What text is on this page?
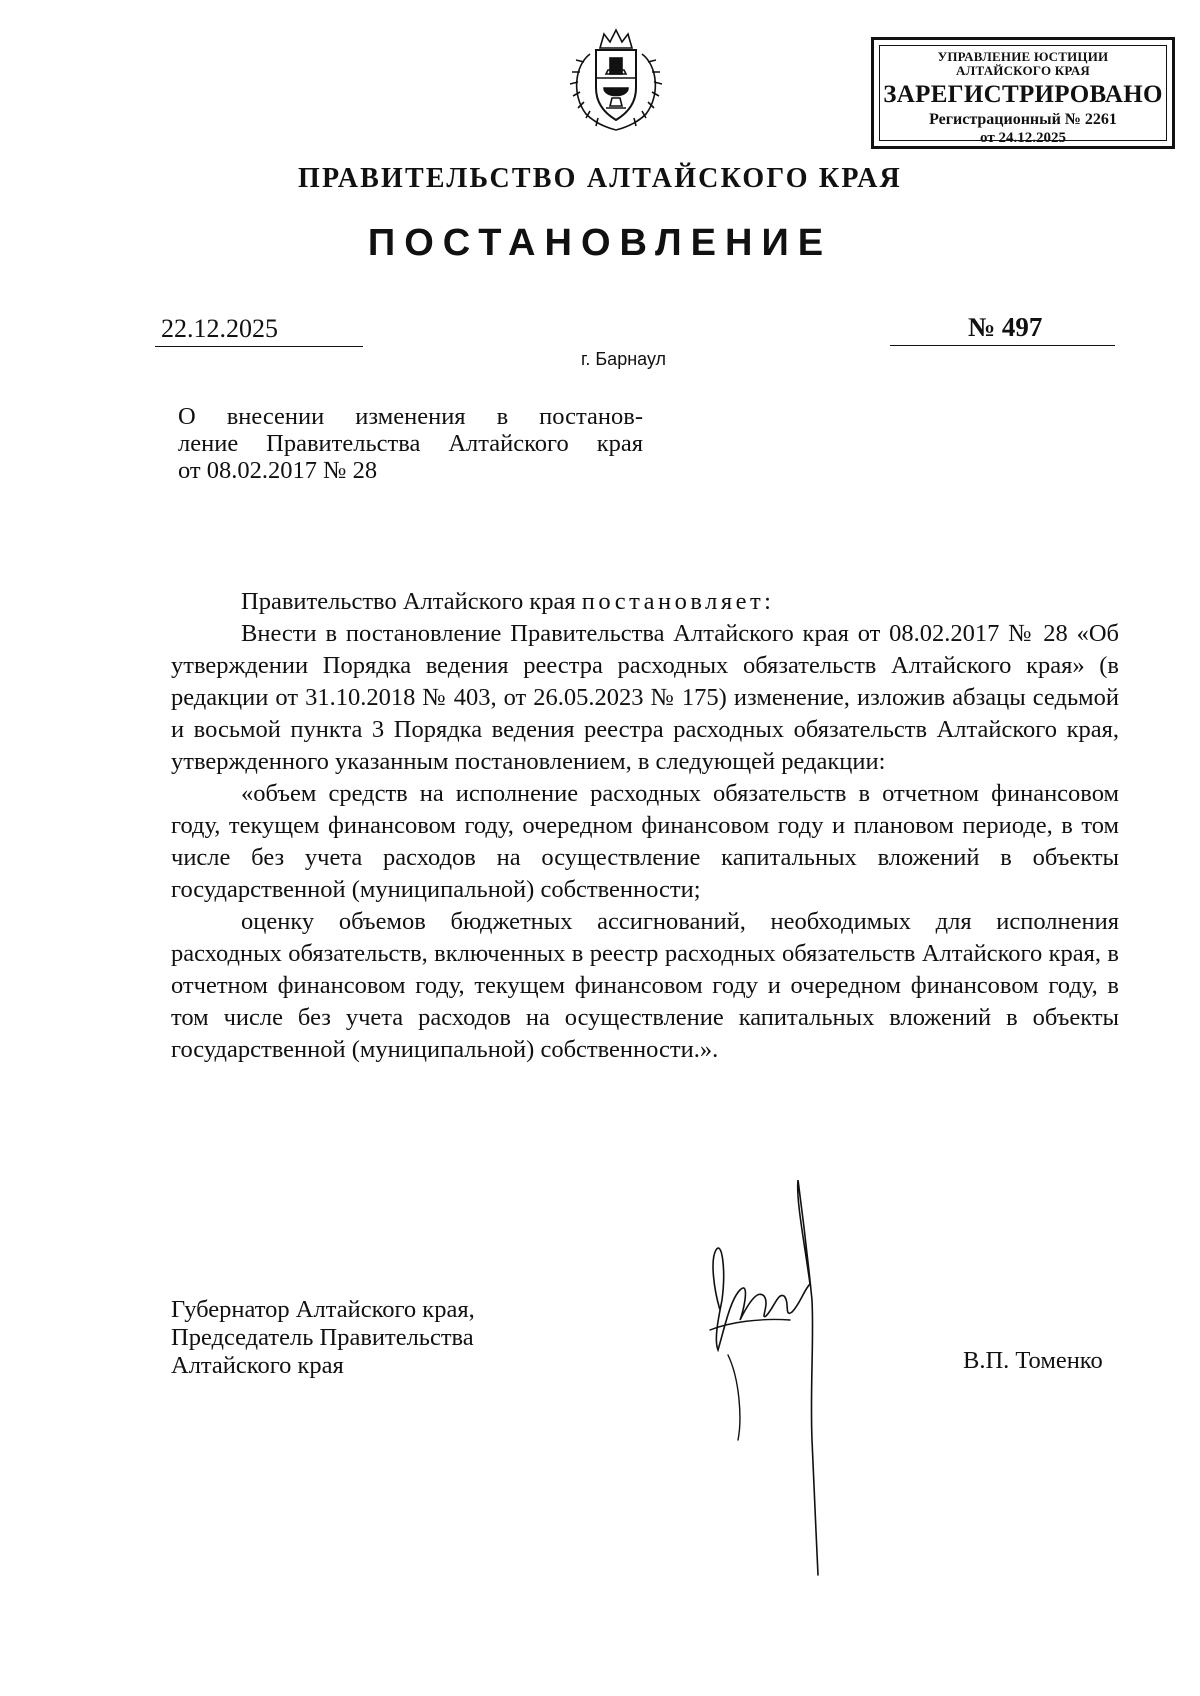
УПРАВЛЕНИЕ ЮСТИЦИИ
АЛТАЙСКОГО КРАЯ
ЗАРЕГИСТРИРОВАНО
Регистрационный № 2261
от 24.12.2025
ПРАВИТЕЛЬСТВО АЛТАЙСКОГО КРАЯ
ПОСТАНОВЛЕНИЕ
22.12.2025	№ 497
г. Барнаул
О внесении изменения в постанов-
ление Правительства Алтайского края
от 08.02.2017 № 28

Правительство Алтайского края постановляет:

Внести в постановление Правительства Алтайского края от 08.02.2017 № 28 «Об утверждении Порядка ведения реестра расходных обязательств Алтайского края» (в редакции от 31.10.2018 № 403, от 26.05.2023 № 175) изменение, изложив абзацы седьмой и восьмой пункта 3 Порядка ведения реестра расходных обязательств Алтайского края, утвержденного указанным постановлением, в следующей редакции:

«объем средств на исполнение расходных обязательств в отчетном финансовом году, текущем финансовом году, очередном финансовом году и плановом периоде, в том числе без учета расходов на осуществление капитальных вложений в объекты государственной (муниципальной) собственности;

оценку объемов бюджетных ассигнований, необходимых для исполнения расходных обязательств, включенных в реестр расходных обязательств Алтайского края, в отчетном финансовом году, текущем финансовом году и очередном финансовом году, в том числе без учета расходов на осуществление капитальных вложений в объекты государственной (муниципальной) собственности.».

Губернатор Алтайского края,
Председатель Правительства
Алтайского края	В.П. Томенко
